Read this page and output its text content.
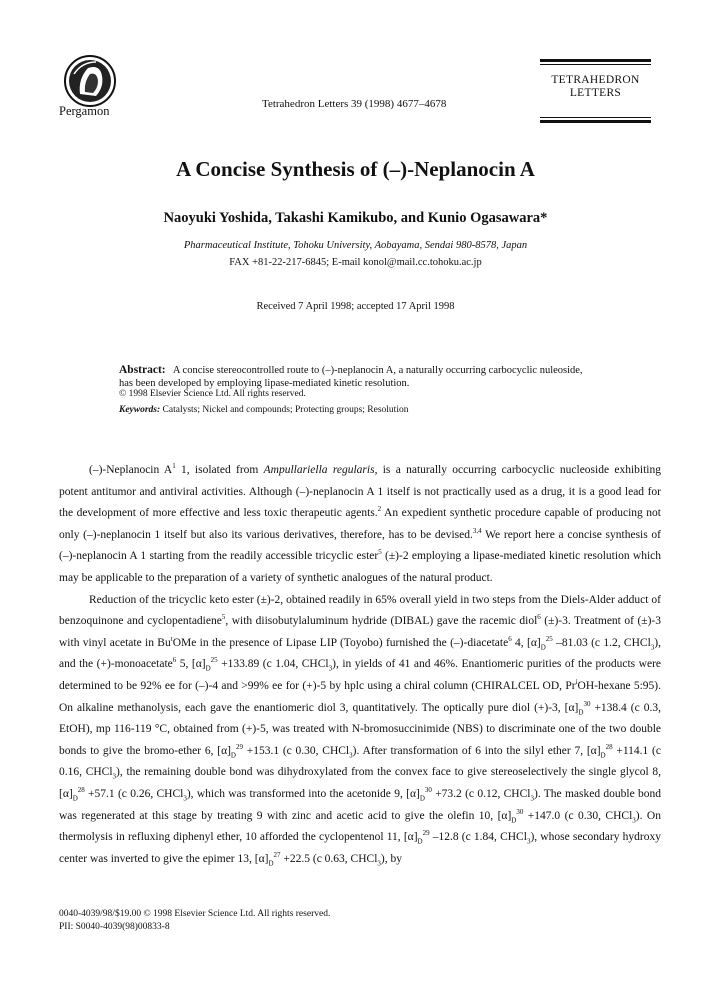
Pergamon	Tetrahedron Letters 39 (1998) 4677–4678
TETRAHEDRON LETTERS
A Concise Synthesis of (–)-Neplanocin A
Naoyuki Yoshida, Takashi Kamikubo, and Kunio Ogasawara*
Pharmaceutical Institute, Tohoku University, Aobayama, Sendai 980-8578, Japan
FAX +81-22-217-6845; E-mail konol@mail.cc.tohoku.ac.jp
Received 7 April 1998; accepted 17 April 1998
Abstract: A concise stereocontrolled route to (–)-neplanocin A, a naturally occurring carbocyclic nuleoside, has been developed by employing lipase-mediated kinetic resolution.
© 1998 Elsevier Science Ltd. All rights reserved.
Keywords: Catalysts; Nickel and compounds; Protecting groups; Resolution

(–)-Neplanocin $A^1$ 1, isolated from Ampullariella regularis, is a naturally occurring carbocyclic nucleoside exhibiting potent antitumor and antiviral activities. Although (–)-neplanocin A 1 itself is not practically used as a drug, it is a good lead for the development of more effective and less toxic therapeutic agents.$^2$ An expedient synthetic procedure capable of producing not only (–)-neplanocin 1 itself but also its various derivatives, therefore, has to be devised.$^{3,4}$ We report here a concise synthesis of (–)-neplanocin A 1 starting from the readily accessible tricyclic ester$^5$ (±)-2 employing a lipase-mediated kinetic resolution which may be applicable to the preparation of a variety of synthetic analogues of the natural product.

Reduction of the tricyclic keto ester (±)-2, obtained readily in 65% overall yield in two steps from the Diels-Alder adduct of benzoquinone and cyclopentadiene$^5$, with diisobutylaluminum hydride (DIBAL) gave the racemic diol$^6$ (±)-3. Treatment of (±)-3 with vinyl acetate in Bu$^t$OMe in the presence of Lipase LIP (Toyobo) furnished the (–)-diacetate$^6$ 4, $[\alpha]_D^{25}$ –81.03 (c 1.2, CHCl$_3$), and the (+)-monoacetate$^6$ 5, $[\alpha]_D^{25} +133.89$ (c 1.04, CHCl$_3$), in yields of 41 and 46%. Enantiomeric purities of the products were determined to be 92% ee for (–)-4 and >99% ee for (+)-5 by hplc using a chiral column (CHIRALCEL OD, Pr$^i$OH-hexane 5:95). On alkaline methanolysis, each gave the enantiomeric diol 3, quantitatively. The optically pure diol (+)-3, $[\alpha]_D^{30} +138.4$ (c 0.3, EtOH), mp 116-119 °C, obtained from (+)-5, was treated with N-bromosuccinimide (NBS) to discriminate one of the two double bonds to give the bromo-ether 6, $[\alpha]_D^{29} +153.1$ (c 0.30, CHCl$_3$). After transformation of 6 into the silyl ether 7, $[\alpha]_D^{28} +114.1$ (c 0.16, CHCl$_3$), the remaining double bond was dihydroxylated from the convex face to give stereoselectively the single glycol 8, $[\alpha]_D^{28} +57.1$ (c 0.26, CHCl$_3$), which was transformed into the acetonide 9, $[\alpha]_D^{30} +73.2$ (c 0.12, CHCl$_3$). The masked double bond was regenerated at this stage by treating 9 with zinc and acetic acid to give the olefin 10, $[\alpha]_D^{30} +147.0$ (c 0.30, CHCl$_3$). On thermolysis in refluxing diphenyl ether, 10 afforded the cyclopentenol 11, $[\alpha]_D^{29}$ –12.8 (c 1.84, CHCl$_3$), whose secondary hydroxy center was inverted to give the epimer 13, $[\alpha]_D^{27} +22.5$ (c 0.63, CHCl$_3$), by

0040-4039/98/$19.00 © 1998 Elsevier Science Ltd. All rights reserved.
PII: S0040-4039(98)00833-8
